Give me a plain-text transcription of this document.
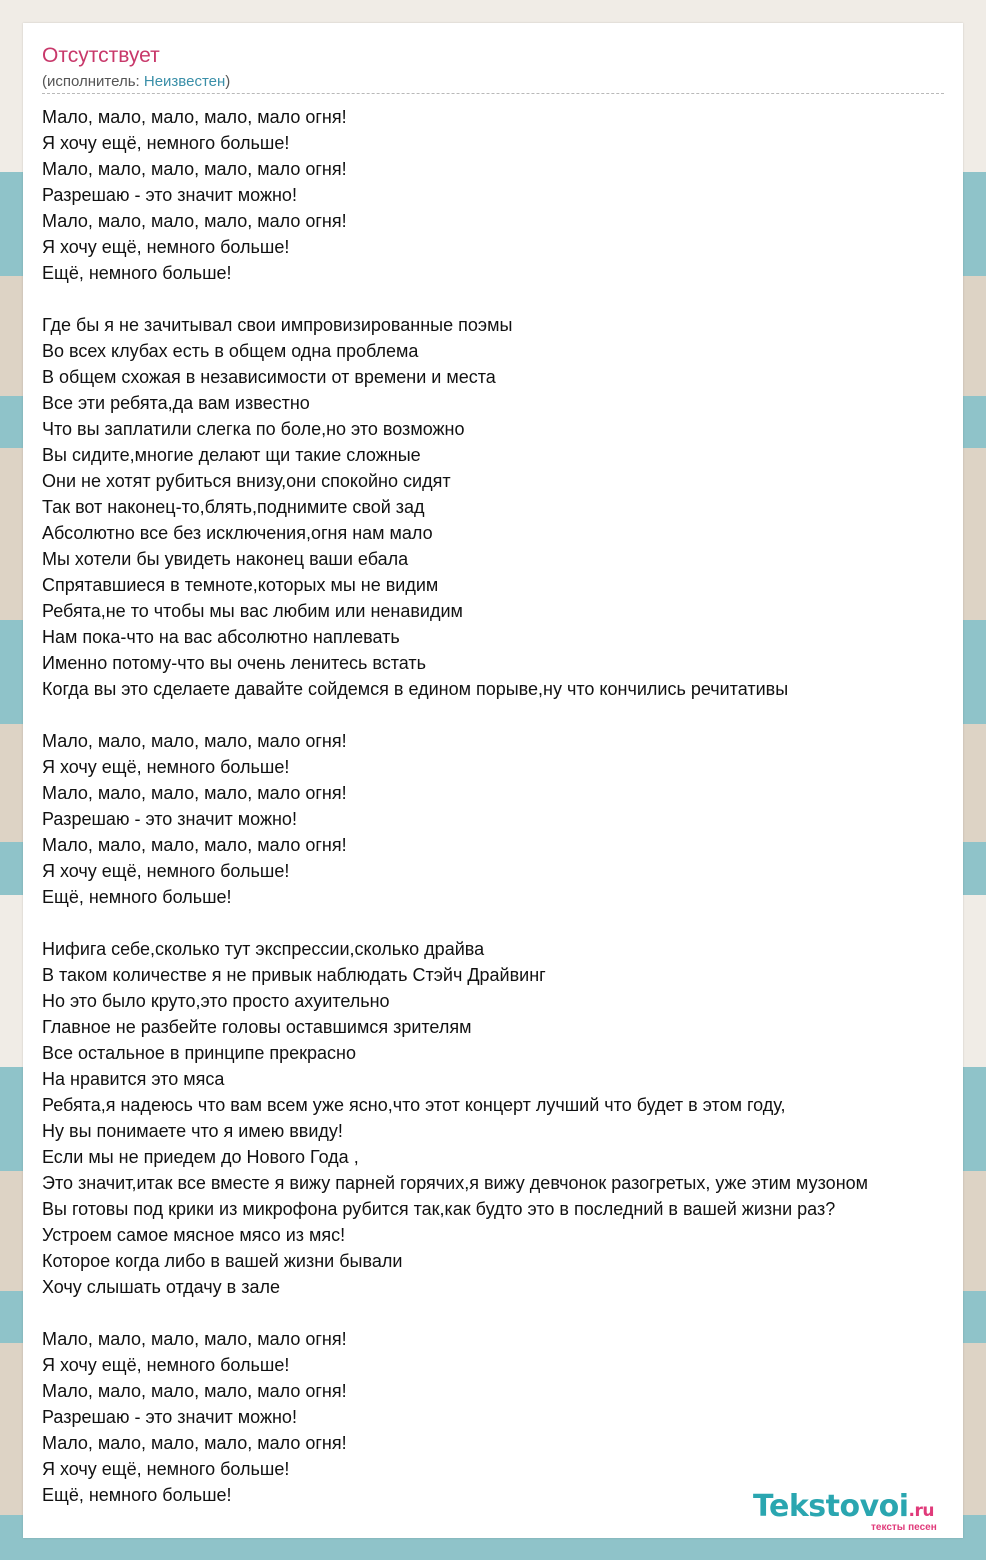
Отсутствует
(исполнитель: Неизвестен)
Мало, мало, мало, мало, мало огня!
Я хочу ещё, немного больше!
Мало, мало, мало, мало, мало огня!
Разрешаю - это значит можно!
Мало, мало, мало, мало, мало огня!
Я хочу ещё, немного больше!
Ещё, немного больше!
Где бы я не зачитывал свои импровизированные поэмы
Во всех клубах есть в общем одна проблема
В общем схожая в независимости от времени и места
Все эти ребята,да вам известно
Что вы заплатили слегка по боле,но это возможно
Вы сидите,многие делают щи такие сложные
Они не хотят рубиться внизу,они спокойно сидят
Так вот наконец-то,блять,поднимите свой зад
Абсолютно все без исключения,огня нам мало
Мы хотели бы увидеть наконец ваши ебала
Спрятавшиеся в темноте,которых мы не видим
Ребята,не то чтобы мы вас любим или ненавидим
Нам пока-что на вас абсолютно наплевать
Именно потому-что вы очень ленитесь встать
Когда вы это сделаете давайте сойдемся в едином порыве,ну что кончились речитативы
Мало, мало, мало, мало, мало огня!
Я хочу ещё, немного больше!
Мало, мало, мало, мало, мало огня!
Разрешаю - это значит можно!
Мало, мало, мало, мало, мало огня!
Я хочу ещё, немного больше!
Ещё, немного больше!
Нифига себе,сколько тут экспрессии,сколько драйва
В таком количестве я не привык наблюдать Стэйч Драйвинг
Но это было круто,это просто ахуительно
Главное не разбейте головы оставшимся зрителям
Все остальное в принципе прекрасно
На нравится это мяса
Ребята,я надеюсь что вам всем уже ясно,что этот концерт лучший что будет в этом году,
Ну вы понимаете что я имею ввиду!
Если мы не приедем до Нового Года ,
Это значит,итак все вместе я вижу парней горячих,я вижу девчонок разогретых, уже этим музоном
Вы готовы под крики из микрофона рубится так,как будто это в последний в вашей жизни раз?
Устроем самое мясное мясо из мяс!
Которое когда либо в вашей жизни бывали
Хочу слышать отдачу в зале
Мало, мало, мало, мало, мало огня!
Я хочу ещё, немного больше!
Мало, мало, мало, мало, мало огня!
Разрешаю - это значит можно!
Мало, мало, мало, мало, мало огня!
Я хочу ещё, немного больше!
Ещё, немного больше!	Tekstovoi.ru
тексты песен
